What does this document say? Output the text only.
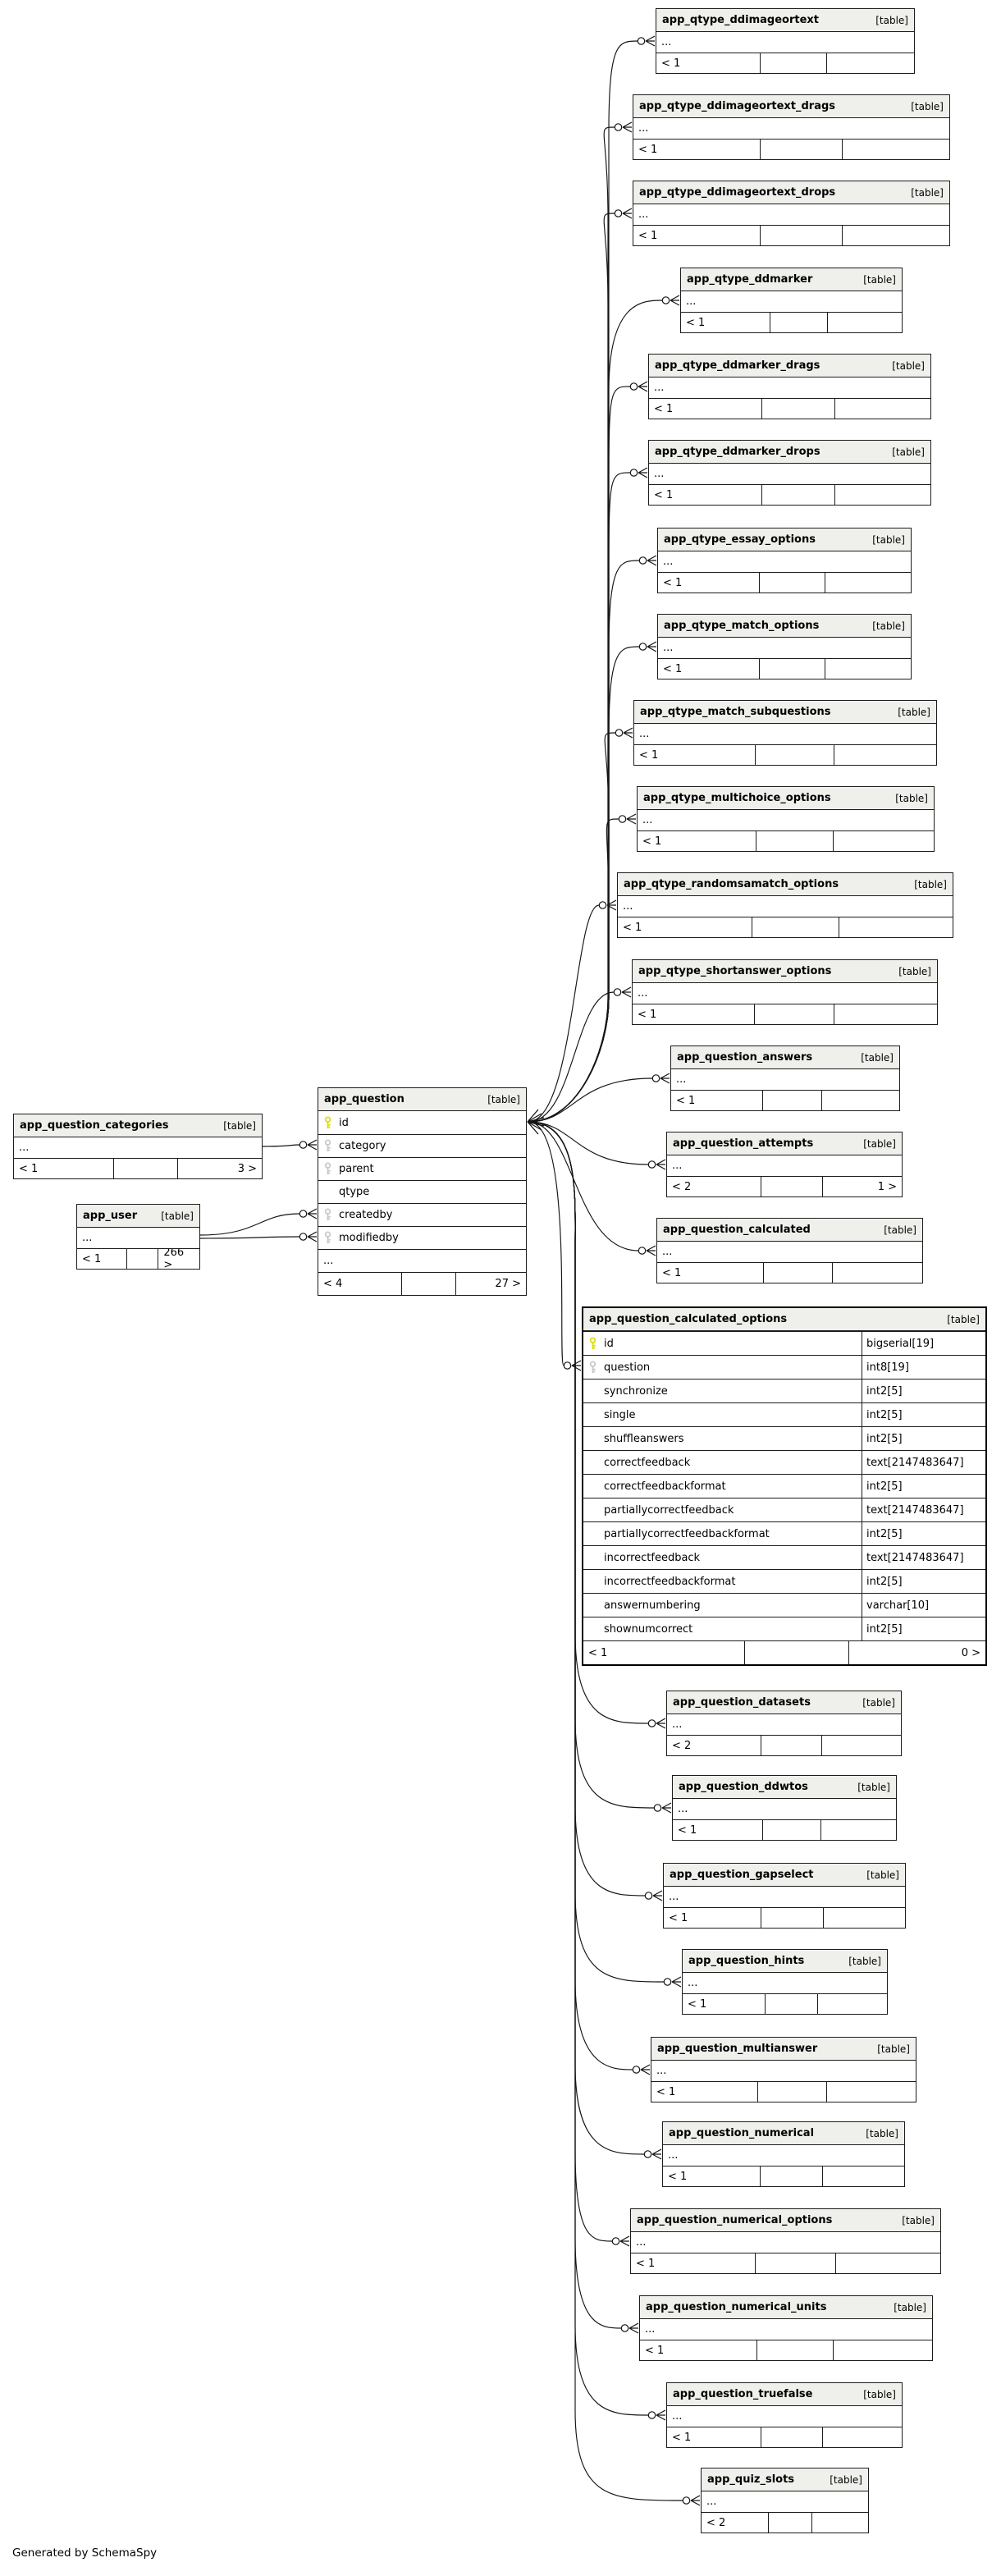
Generated by SchemaSpy
app_qtype_ddimageortext	[table]
...
< 1
app_qtype_ddimageortext_drags	[table]
...
< 1
app_qtype_ddimageortext_drops	[table]
...
< 1
app_qtype_ddmarker	[table]
...
< 1
app_qtype_ddmarker_drags	[table]
...
< 1
app_qtype_ddmarker_drops	[table]
...
< 1
app_qtype_essay_options	[table]
...
< 1
app_qtype_match_options	[table]
...
< 1
app_qtype_match_subquestions	[table]
...
< 1
app_qtype_multichoice_options	[table]
...
< 1
app_qtype_randomsamatch_options	[table]
...
< 1
app_qtype_shortanswer_options	[table]
...
< 1
app_question_answers	[table]
...
< 1
app_question_attempts	[table]
...
< 2	1 >
app_question_calculated	[table]
...
< 1
app_question_calculated_options	[table]
id	bigserial[19]
question	int8[19]
synchronize	int2[5]
single	int2[5]
shuffleanswers	int2[5]
correctfeedback	text[2147483647]
correctfeedbackformat	int2[5]
partiallycorrectfeedback	text[2147483647]
partiallycorrectfeedbackformat	int2[5]
incorrectfeedback	text[2147483647]
incorrectfeedbackformat	int2[5]
answernumbering	varchar[10]
shownumcorrect	int2[5]
< 1	0 >
app_question_datasets	[table]
...
< 2
app_question_ddwtos	[table]
...
< 1
app_question_gapselect	[table]
...
< 1
app_question_hints	[table]
...
< 1
app_question_multianswer	[table]
...
< 1
app_question_numerical	[table]
...
< 1
app_question_numerical_options	[table]
...
< 1
app_question_numerical_units	[table]
...
< 1
app_question_truefalse	[table]
...
< 1
app_quiz_slots	[table]
...
< 2
app_question_categories	[table]
...
< 1	3 >
app_user [table]
...
< 1	266 >
app_question	[table]
id
category
parent
qtype
createdby
modifiedby
...
< 4	27 >
